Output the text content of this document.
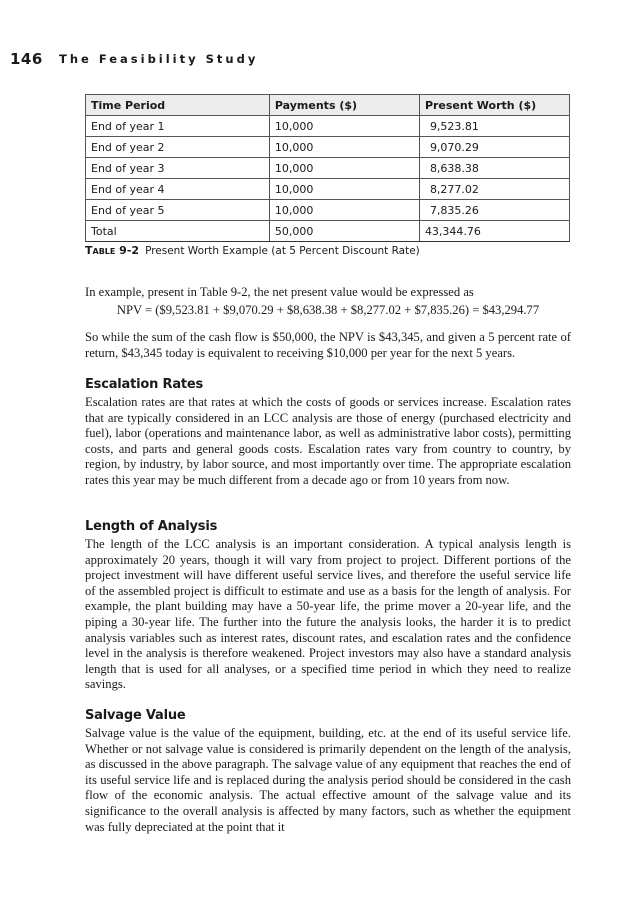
146 The Feasibility Study
Time Period	Payments ($)	Present Worth ($)
End of year 1	10,000	9,523.81
End of year 2	10,000	9,070.29
End of year 3	10,000	8,638.38
End of year 4	10,000	8,277.02
End of year 5	10,000	7,835.26
Total	50,000	43,344.76
Table 9-2 Present Worth Example (at 5 Percent Discount Rate)

In example, present in Table 9-2, the net present value would be expressed as

NPV = ($9,523.81 + $9,070.29 + $8,638.38 + $8,277.02 + $7,835.26) = $43,294.77

So while the sum of the cash flow is $50,000, the NPV is $43,345, and given a 5 percent rate of return, $43,345 today is equivalent to receiving $10,000 per year for the next 5 years.

Escalation Rates

Escalation rates are that rates at which the costs of goods or services increase. Escalation rates that are typically considered in an LCC analysis are those of energy (purchased electricity and fuel), labor (operations and maintenance labor, as well as administrative labor costs), permitting costs, and parts and general goods costs. Escalation rates vary from country to country, by region, by industry, by labor source, and most importantly over time. The appropriate escalation rates this year may be much different from a decade ago or from 10 years from now.

Length of Analysis

The length of the LCC analysis is an important consideration. A typical analysis length is approximately 20 years, though it will vary from project to project. Different portions of the project investment will have different useful service lives, and therefore the useful service life of the assembled project is difficult to estimate and use as a basis for the length of analysis. For example, the plant building may have a 50-year life, the prime mover a 20-year life, and the piping a 30-year life. The further into the future the analysis looks, the harder it is to predict analysis variables such as interest rates, discount rates, and escalation rates and the confidence level in the analysis is therefore weakened. Project investors may also have a standard analysis length that is used for all analyses, or a specified time period in which they need to realize savings.

Salvage Value

Salvage value is the value of the equipment, building, etc. at the end of its useful service life. Whether or not salvage value is considered is primarily dependent on the length of the analysis, as discussed in the above paragraph. The salvage value of any equipment that reaches the end of its useful service life and is replaced during the analysis period should be considered in the cash flow of the economic analysis. The actual effective amount of the salvage value and its significance to the overall analysis is affected by many factors, such as whether the equipment was fully depreciated at the point that it
